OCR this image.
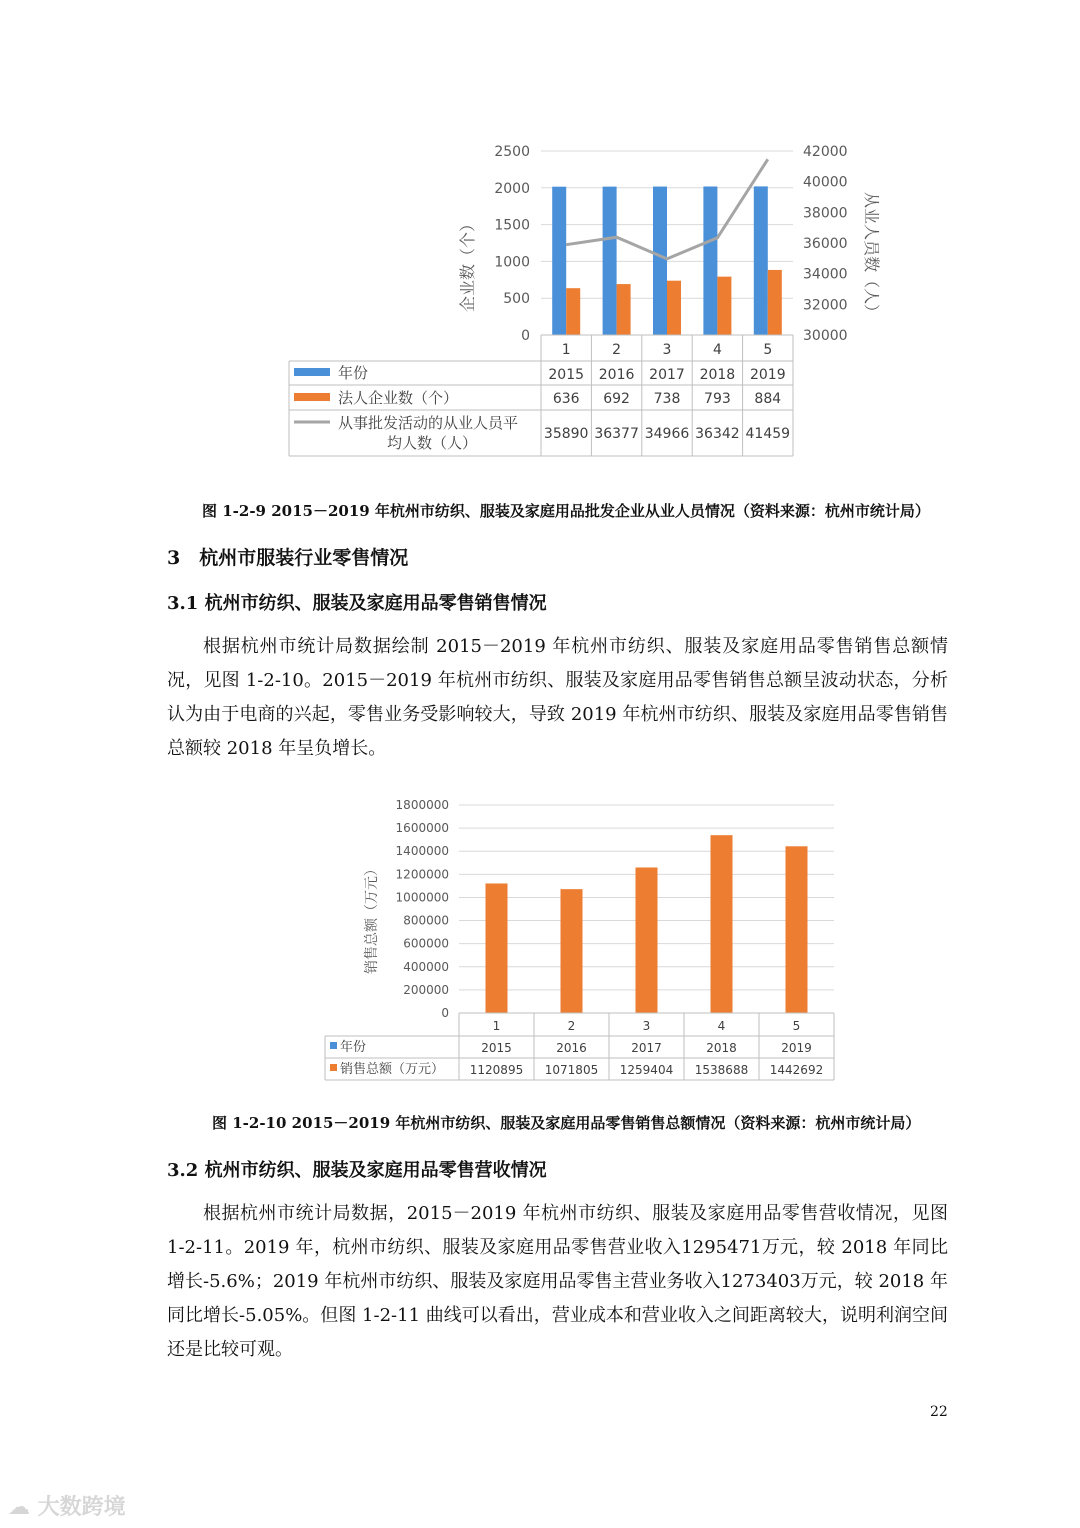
0
500
1000
1500
2000
2500
30000
32000
34000
36000
38000
40000
42000
企业数（个）
从业人员数（人）
1
2015
636
35890
2
2016
692
36377
3
2017
738
34966
4
2018
793
36342
5
2019
884
41459
年份
法人企业数（个）
从事批发活动的从业人员平
均人数（人）
图 1-2-9 2015－2019 年杭州市纺织、服装及家庭用品批发企业从业人员情况（资料来源：杭州市统计局）
3　杭州市服装行业零售情况
3.1 杭州市纺织、服装及家庭用品零售销售情况

根据杭州市统计局数据绘制 2015－2019 年杭州市纺织、服装及家庭用品零售销售总额情况，见图 1-2-10。2015－2019 年杭州市纺织、服装及家庭用品零售销售总额呈波动状态，分析认为由于电商的兴起，零售业务受影响较大，导致 2019 年杭州市纺织、服装及家庭用品零售销售总额较 2018 年呈负增长。

0
200000
400000
600000
800000
1000000
1200000
1400000
1600000
1800000
销售总额（万元）
1
2015
1120895
2
2016
1071805
3
2017
1259404
4
2018
1538688
5
2019
1442692
年份
销售总额（万元）
图 1-2-10 2015－2019 年杭州市纺织、服装及家庭用品零售销售总额情况（资料来源：杭州市统计局）
3.2 杭州市纺织、服装及家庭用品零售营收情况

根据杭州市统计局数据，2015－2019 年杭州市纺织、服装及家庭用品零售营收情况，见图 1-2-11。2019 年，杭州市纺织、服装及家庭用品零售营业收入1295471万元，较 2018 年同比增长-5.6%；2019 年杭州市纺织、服装及家庭用品零售主营业务收入1273403万元，较 2018 年同比增长-5.05%。但图 1-2-11 曲线可以看出，营业成本和营业收入之间距离较大，说明利润空间还是比较可观。

22
☁ 大数跨境
